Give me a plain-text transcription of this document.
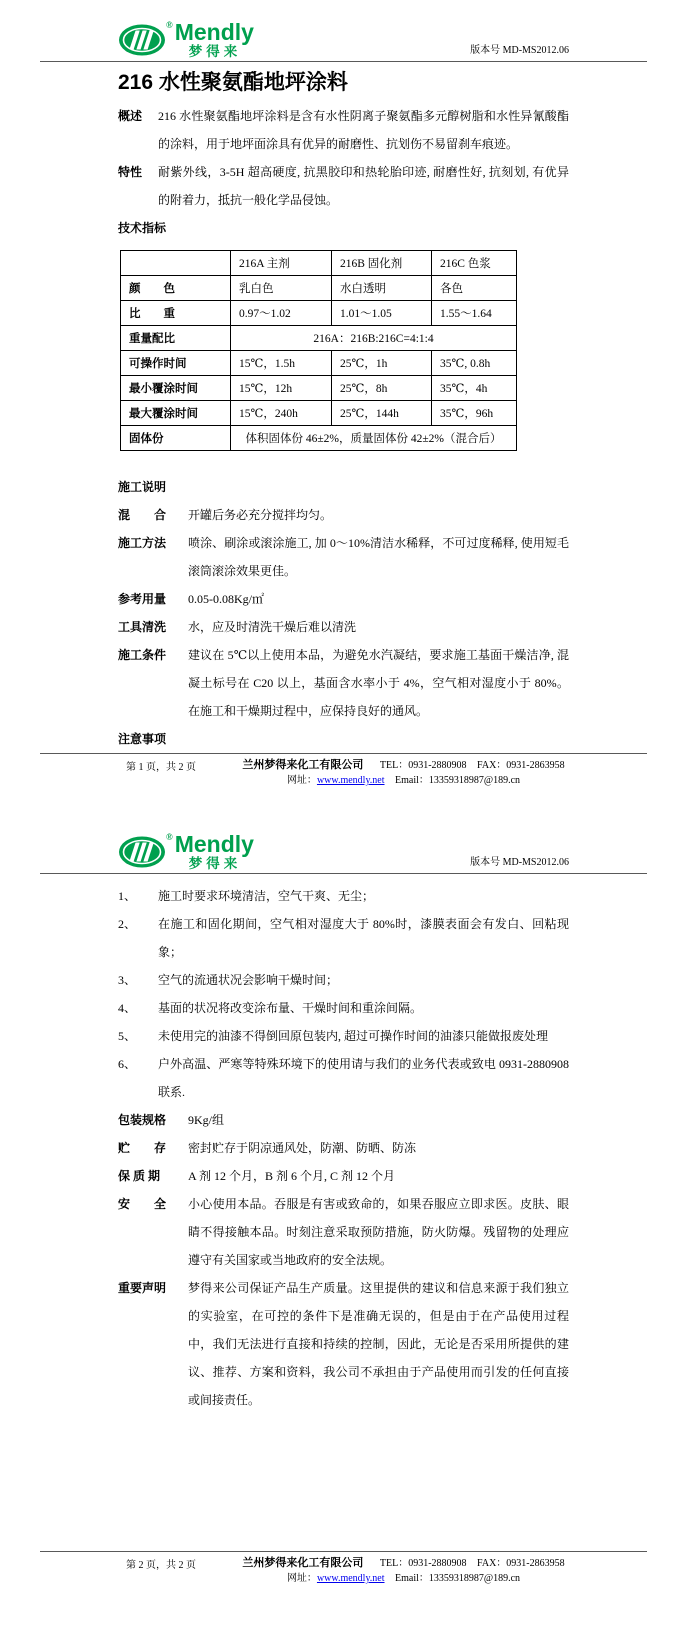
® Mendly
梦得来	版本号 MD-MS2012.06
216 水性聚氨酯地坪涂料
概述	216 水性聚氨酯地坪涂料是含有水性阴离子聚氨酯多元醇树脂和水性异氰酸酯的涂料，用于地坪面涂具有优异的耐磨性、抗划伤不易留刹车痕迹。
特性	耐紫外线，3-5H 超高硬度, 抗黑胶印和热轮胎印迹, 耐磨性好, 抗刻划, 有优异的附着力，抵抗一般化学品侵蚀。
技术指标
	216A 主剂	216B 固化剂	216C 色浆
颜　　色	乳白色	水白透明	各色
比　　重	0.97～1.02	1.01～1.05	1.55～1.64
重量配比	216A：216B:216C=4:1:4		
可操作时间	15℃，1.5h	25℃，1h	35℃, 0.8h
最小覆涂时间	15℃，12h	25℃，8h	35℃，4h
最大覆涂时间	15℃，240h	25℃，144h	35℃，96h
固体份	体积固体份 46±2%，质量固体份 42±2%（混合后）		
施工说明
混　　合	开罐后务必充分搅拌均匀。
施工方法	喷涂、刷涂或滚涂施工, 加 0～10%清洁水稀释，不可过度稀释, 使用短毛滚筒滚涂效果更佳。
参考用量	0.05-0.08Kg/㎡
工具清洗	水，应及时清洗干燥后难以清洗
施工条件	建议在 5℃以上使用本品，为避免水汽凝结，要求施工基面干燥洁净, 混凝土标号在 C20 以上，基面含水率小于 4%，空气相对湿度小于 80%。在施工和干燥期过程中，应保持良好的通风。
注意事项
第 1 页，共 2 页	兰州梦得来化工有限公司 TEL：0931-2880908 FAX：0931-2863958
网址：www.mendly.net Email：13359318987@189.cn
® Mendly
梦得来	版本号 MD-MS2012.06
1、	施工时要求环境清洁，空气干爽、无尘；
2、	在施工和固化期间，空气相对湿度大于 80%时，漆膜表面会有发白、回粘现象；
3、	空气的流通状况会影响干燥时间；
4、	基面的状况将改变涂布量、干燥时间和重涂间隔。
5、	未使用完的油漆不得倒回原包装内, 超过可操作时间的油漆只能做报废处理
6、	户外高温、严寒等特殊环境下的使用请与我们的业务代表或致电 0931-2880908 联系.
包装规格	9Kg/组
贮　　存	密封贮存于阴凉通风处，防潮、防晒、防冻
保 质 期	A 剂 12 个月，B 剂 6 个月, C 剂 12 个月
安　　全	小心使用本品。吞服是有害或致命的，如果吞服应立即求医。皮肤、眼睛不得接触本品。时刻注意采取预防措施，防火防爆。残留物的处理应遵守有关国家或当地政府的安全法规。
重要声明	梦得来公司保证产品生产质量。这里提供的建议和信息来源于我们独立的实验室，在可控的条件下是准确无误的，但是由于在产品使用过程中，我们无法进行直接和持续的控制，因此，无论是否采用所提供的建议、推荐、方案和资料，我公司不承担由于产品使用而引发的任何直接或间接责任。
第 2 页，共 2 页	兰州梦得来化工有限公司 TEL：0931-2880908 FAX：0931-2863958
网址：www.mendly.net Email：13359318987@189.cn
